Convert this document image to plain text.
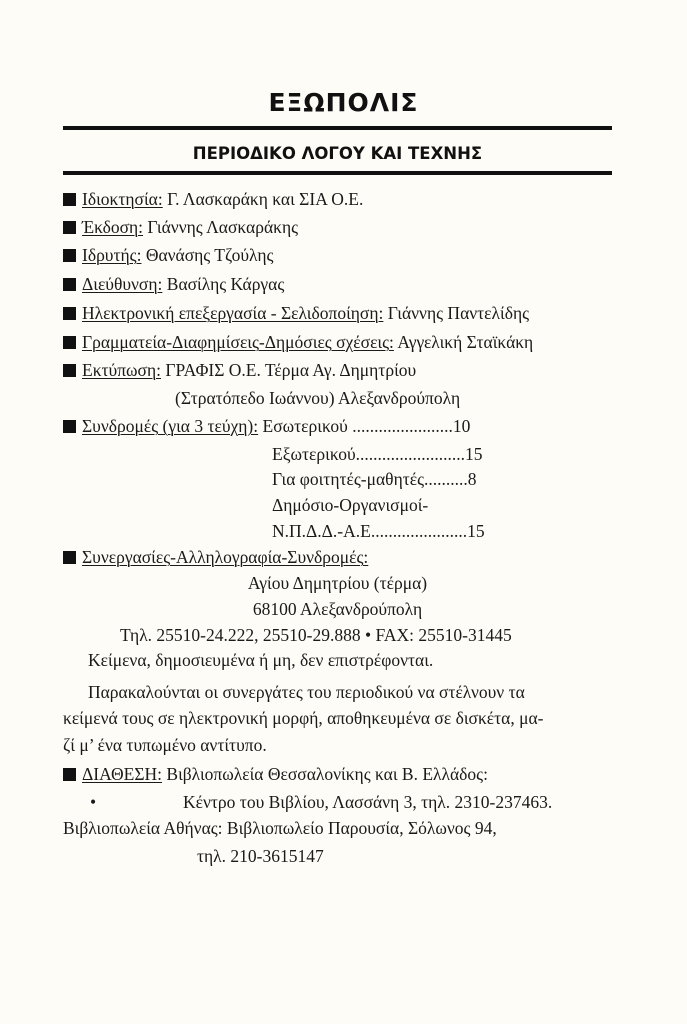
ΕΞΩΠΟΛΙΣ
ΠΕΡΙΟΔΙΚΟ ΛΟΓΟΥ ΚΑΙ ΤΕΧΝΗΣ
Ιδιοκτησία: Γ. Λασκαράκη και ΣΙΑ Ο.Ε.
Έκδοση: Γιάννης Λασκαράκης
Ιδρυτής: Θανάσης Τζούλης
Διεύθυνση: Βασίλης Κάργας
Ηλεκτρονική επεξεργασία - Σελιδοποίηση: Γιάννης Παντελίδης
Γραμματεία-Διαφημίσεις-Δημόσιες σχέσεις: Αγγελική Σταϊκάκη
Εκτύπωση: ΓΡΑΦΙΣ Ο.Ε. Τέρμα Αγ. Δημητρίου
(Στρατόπεδο Ιωάννου) Αλεξανδρούπολη
Συνδρομές (για 3 τεύχη): Εσωτερικού .......................10
Εξωτερικού.........................15
Για φοιτητές-μαθητές..........8
Δημόσιο-Οργανισμοί-
Ν.Π.Δ.Δ.-Α.Ε......................15
Συνεργασίες-Αλληλογραφία-Συνδρομές:
Αγίου Δημητρίου (τέρμα)
68100 Αλεξανδρούπολη
Τηλ. 25510-24.222, 25510-29.888 • FAX: 25510-31445
Κείμενα, δημοσιευμένα ή μη, δεν επιστρέφονται.
Παρακαλούνται οι συνεργάτες του περιοδικού να στέλνουν τα
κείμενά τους σε ηλεκτρονική μορφή, αποθηκευμένα σε δισκέτα, μα-
ζί μ’ ένα τυπωμένο αντίτυπο.
ΔΙΑΘΕΣΗ: Βιβλιοπωλεία Θεσσαλονίκης και Β. Ελλάδος:
•	Κέντρο του Βιβλίου, Λασσάνη 3, τηλ. 2310-237463.
Βιβλιοπωλεία Αθήνας: Βιβλιοπωλείο Παρουσία, Σόλωνος 94,
τηλ. 210-3615147
